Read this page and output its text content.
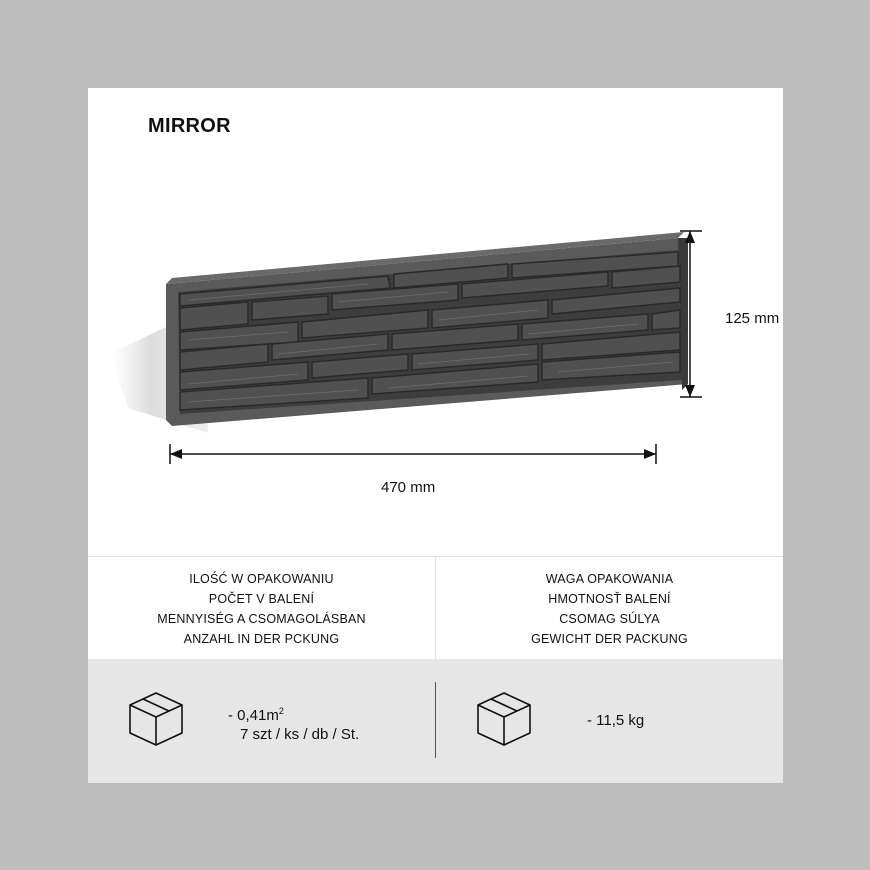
MIRROR
470 mm
125 mm
ILOŚĆ W OPAKOWANIU
POČET V BALENÍ
MENNYISÉG A CSOMAGOLÁSBAN
ANZAHL IN DER PCKUNG
WAGA OPAKOWANIA
HMOTNOSŤ BALENÍ
CSOMAG SÚLYA
GEWICHT DER PACKUNG
- $0,41m^2$
7 szt / ks / db / St.
- 11,5 kg
